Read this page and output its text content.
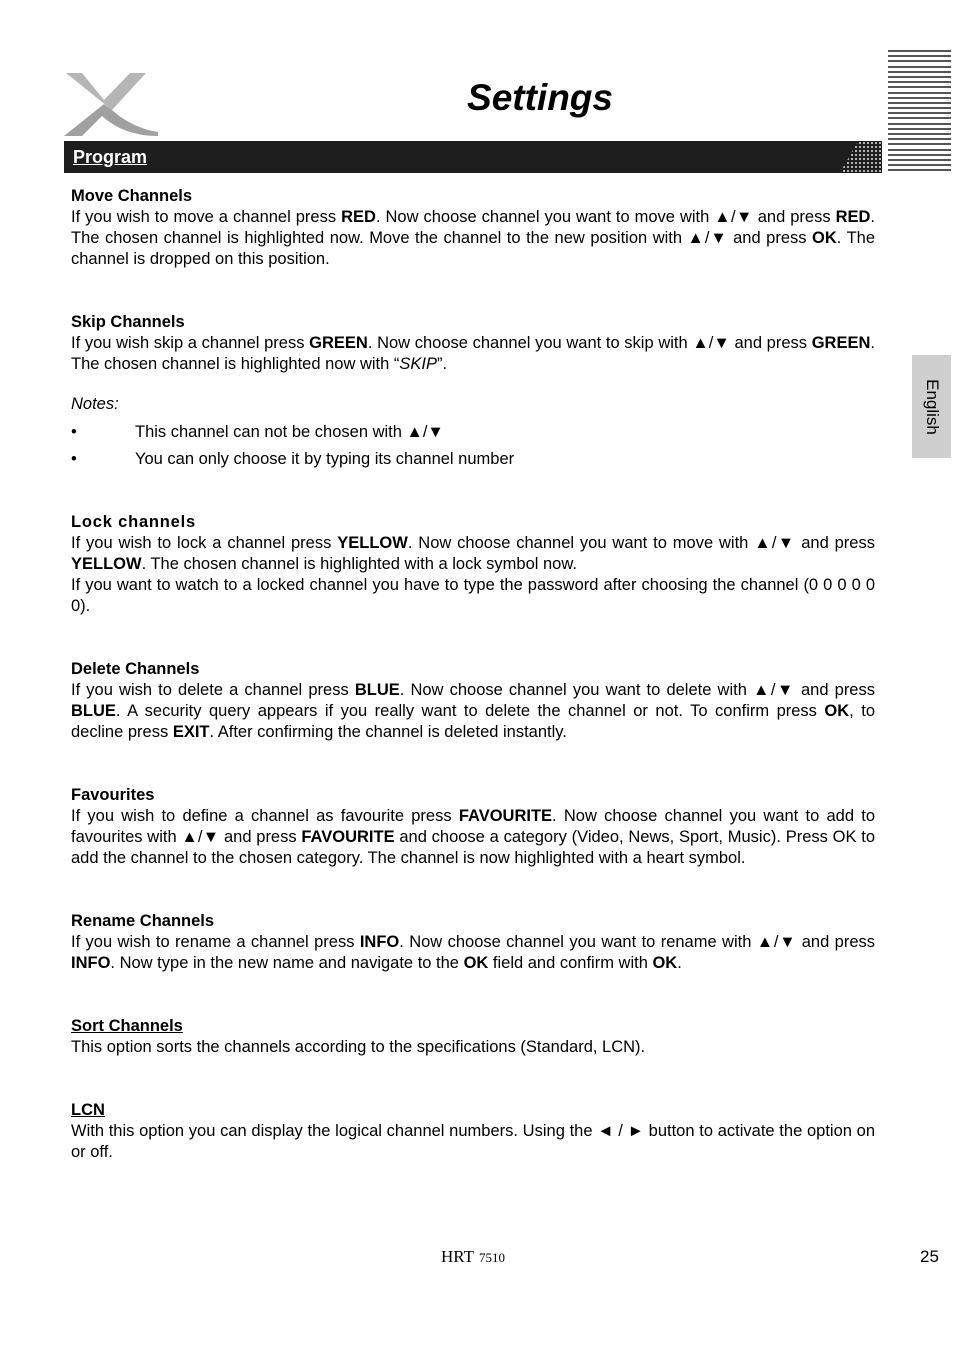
Settings
Program
English
Move Channels

If you wish to move a channel press RED. Now choose channel you want to move with ▲/▼ and press RED. The chosen channel is highlighted now. Move the channel to the new position with ▲/▼ and press OK. The channel is dropped on this position.

Skip Channels

If you wish skip a channel press GREEN. Now choose channel you want to skip with ▲/▼ and press GREEN. The chosen channel is highlighted now with “SKIP”.

Notes:

•	This channel can not be chosen with ▲/▼
•	You can only choose it by typing its channel number
Lock channels

If you wish to lock a channel press YELLOW. Now choose channel you want to move with ▲/▼ and press YELLOW. The chosen channel is highlighted with a lock symbol now.

If you want to watch to a locked channel you have to type the password after choosing the channel (0 0 0 0 0 0).

Delete Channels

If you wish to delete a channel press BLUE. Now choose channel you want to delete with ▲/▼ and press BLUE. A security query appears if you really want to delete the channel or not. To confirm press OK, to decline press EXIT. After confirming the channel is deleted instantly.

Favourites

If you wish to define a channel as favourite press FAVOURITE. Now choose channel you want to add to favourites with ▲/▼ and press FAVOURITE and choose a category (Video, News, Sport, Music). Press OK to add the channel to the chosen category. The channel is now highlighted with a heart symbol.

Rename Channels

If you wish to rename a channel press INFO. Now choose channel you want to rename with ▲/▼ and press INFO. Now type in the new name and navigate to the OK field and confirm with OK.

Sort Channels

This option sorts the channels according to the specifications (Standard, LCN).

LCN

With this option you can display the logical channel numbers. Using the ◄ / ► button to activate the option on or off.

HRT 7510	25
